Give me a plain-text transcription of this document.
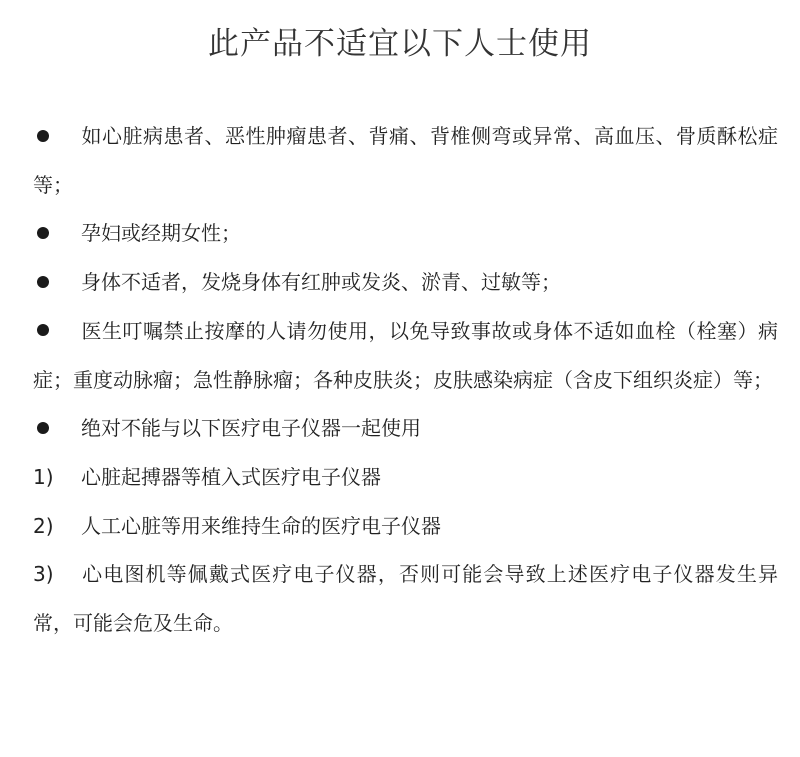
此产品不适宜以下人士使用
如心脏病患者、恶性肿瘤患者、背痛、背椎侧弯或异常、高血压、骨质酥松症等；
孕妇或经期女性；
身体不适者，发烧身体有红肿或发炎、淤青、过敏等；
医生叮嘱禁止按摩的人请勿使用，以免导致事故或身体不适如血栓（栓塞）病症；重度动脉瘤；急性静脉瘤；各种皮肤炎；皮肤感染病症（含皮下组织炎症）等；
绝对不能与以下医疗电子仪器一起使用
1) 心脏起搏器等植入式医疗电子仪器
2) 人工心脏等用来维持生命的医疗电子仪器
3) 心电图机等佩戴式医疗电子仪器，否则可能会导致上述医疗电子仪器发生异常，可能会危及生命。
